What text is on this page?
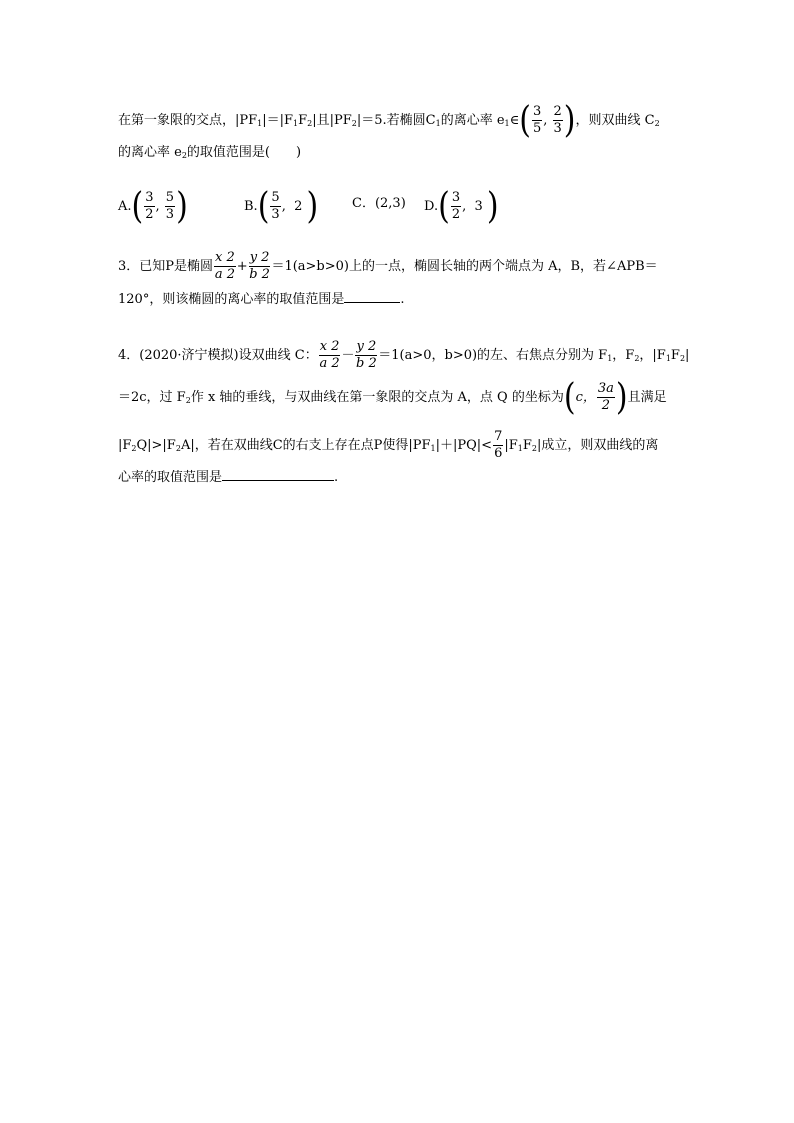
在第一象限的交点，$|PF_1|=|F_1F_2|$且$|PF_2|=5$.若椭圆$C_1$的离心率 $e_1\in( \frac{3}{5}$ , $\frac{2}{3}$ )，则双曲线 $C_2$
的离心率 $e_2$的取值范围是(　　)
$A.( \frac{3}{2}$ , $\frac{5}{3}$ )	$B.( \frac{5}{3}$ ,  2 )	C．(2,3) $D.( \frac{3}{2}$ ,  3 )
3．已知P是椭圆 $\frac{x 2}{a 2} + \frac{y 2}{b 2} =1(a>b>0)$上的一点，椭圆长轴的两个端点为 A，B，若∠APB＝
120°，则该椭圆的离心率的取值范围是	.
4．(2020·济宁模拟)设双曲线 C： $\frac{x 2}{a 2} - \frac{y 2}{b 2} =1(a>0$，b>0)的左、右焦点分别为 $F_1$，$F_2$，$|F_1F_2|$
＝2c，过 $F_2$作 x 轴的垂线，与双曲线在第一象限的交点为 A，点 Q 的坐标为(c， $\frac{3a}{2}$ )且满足
$|F_2Q|>|F_2A|$，若在双曲线C的右支上存在点P使得$|PF_1|+|PQ|< \frac{7}{6} |F_1F_2|$成立，则双曲线的离
心率的取值范围是	.
